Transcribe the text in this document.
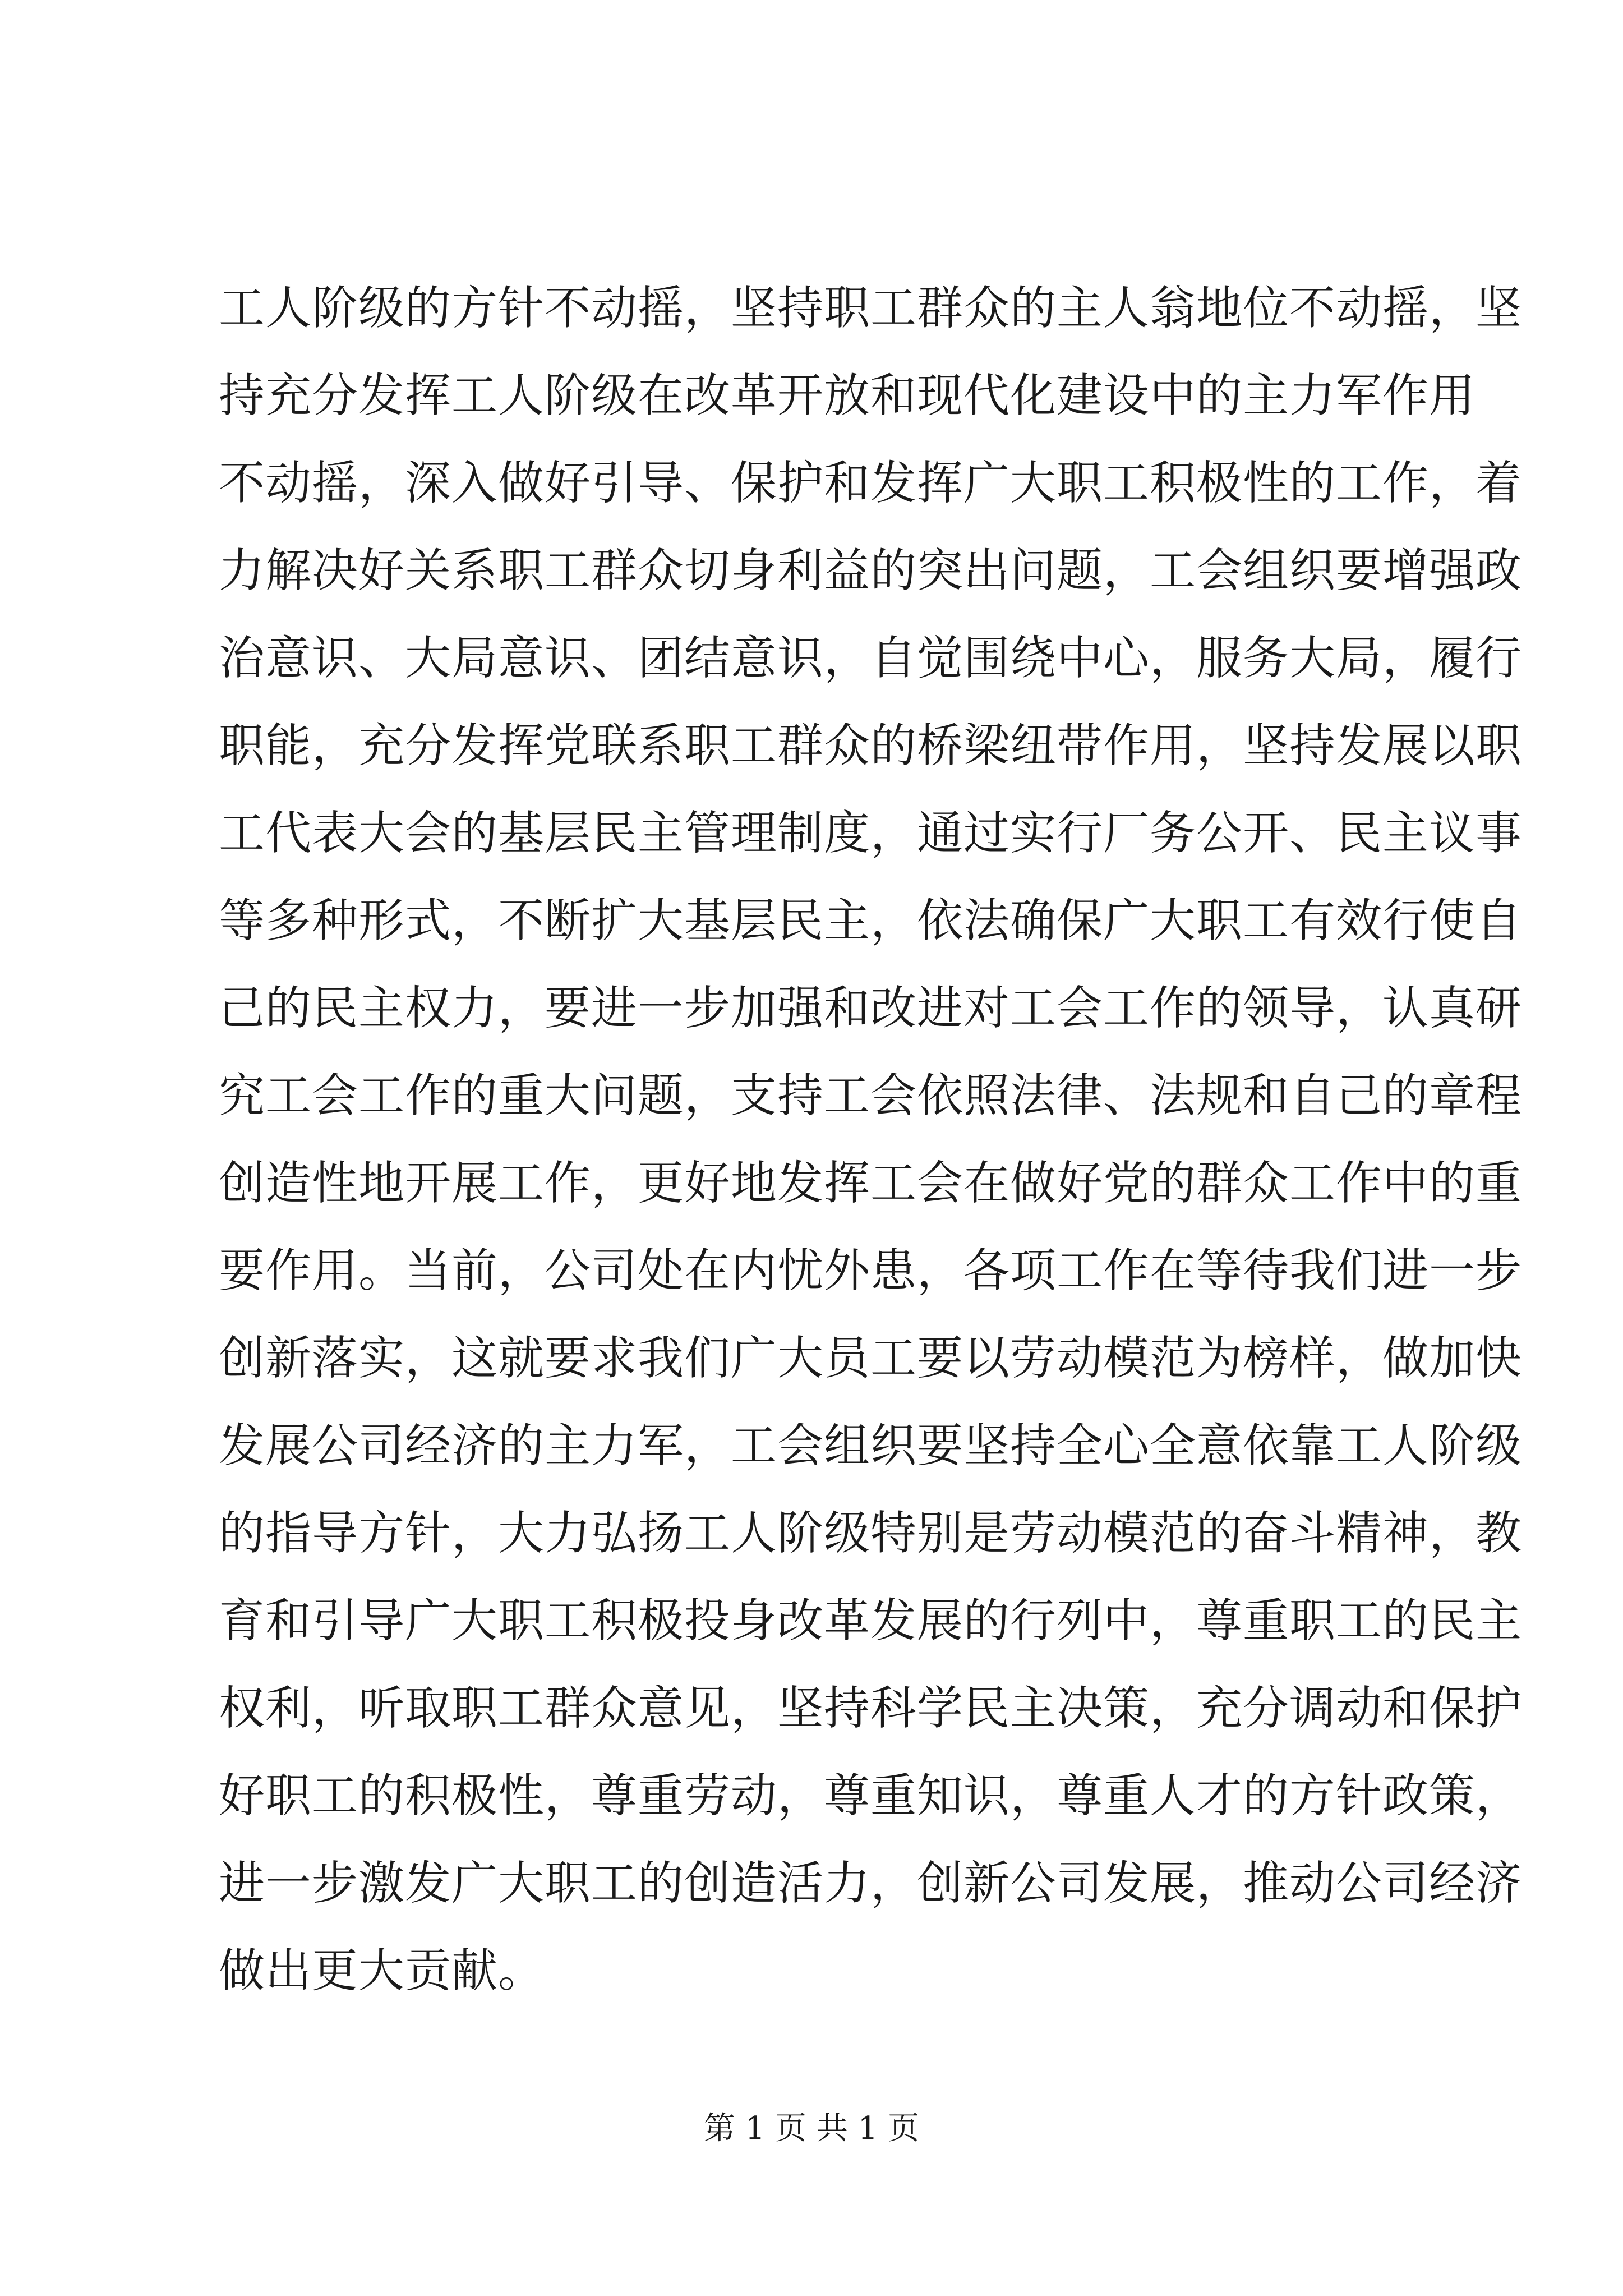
工人阶级的方针不动摇，坚持职工群众的主人翁地位不动摇，坚
持充分发挥工人阶级在改革开放和现代化建设中的主力军作用
不动摇，深入做好引导、保护和发挥广大职工积极性的工作，着
力解决好关系职工群众切身利益的突出问题，工会组织要增强政
治意识、大局意识、团结意识，自觉围绕中心，服务大局，履行
职能，充分发挥党联系职工群众的桥梁纽带作用，坚持发展以职
工代表大会的基层民主管理制度，通过实行厂务公开、民主议事
等多种形式，不断扩大基层民主，依法确保广大职工有效行使自
己的民主权力，要进一步加强和改进对工会工作的领导，认真研
究工会工作的重大问题，支持工会依照法律、法规和自己的章程
创造性地开展工作，更好地发挥工会在做好党的群众工作中的重
要作用。当前，公司处在内忧外患，各项工作在等待我们进一步
创新落实，这就要求我们广大员工要以劳动模范为榜样，做加快
发展公司经济的主力军，工会组织要坚持全心全意依靠工人阶级
的指导方针，大力弘扬工人阶级特别是劳动模范的奋斗精神，教
育和引导广大职工积极投身改革发展的行列中，尊重职工的民主
权利，听取职工群众意见，坚持科学民主决策，充分调动和保护
好职工的积极性，尊重劳动，尊重知识，尊重人才的方针政策，
进一步激发广大职工的创造活力，创新公司发展，推动公司经济
做出更大贡献。
第 1 页 共 1 页
